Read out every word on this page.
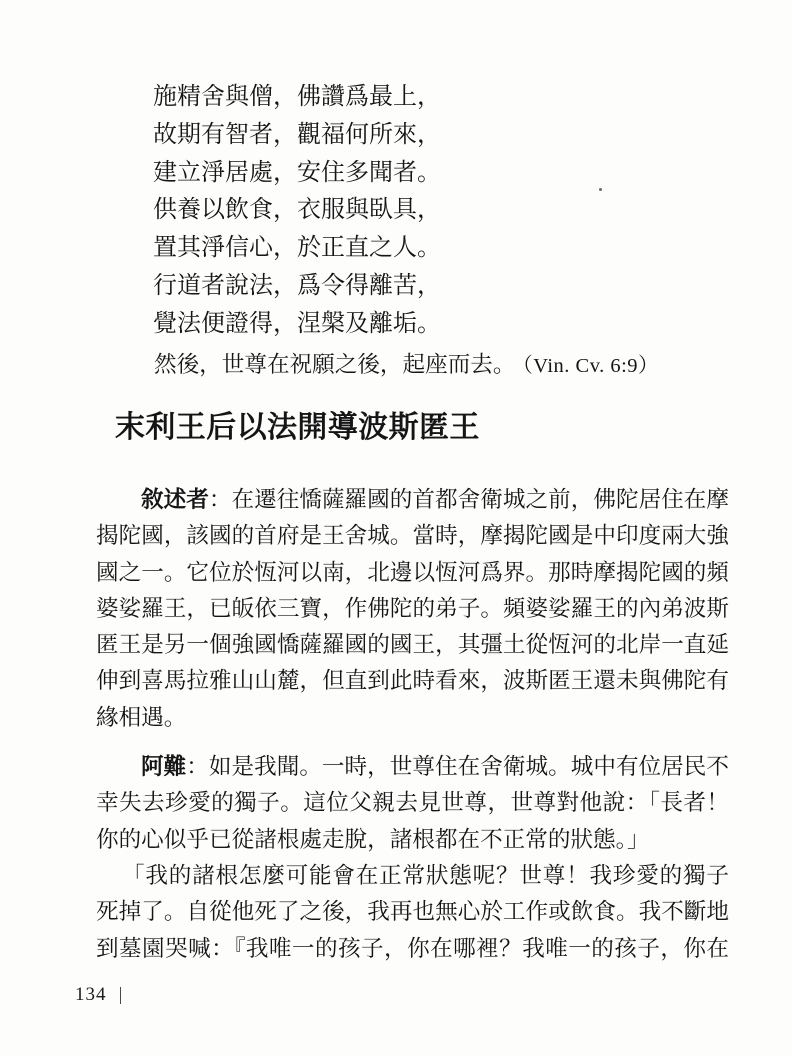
施精舍與僧，佛讚爲最上，
故期有智者，觀福何所來，
建立淨居處，安住多聞者。
供養以飲食，衣服與臥具，
置其淨信心，於正直之人。
行道者說法，爲令得離苦，
覺法便證得，涅槃及離垢。
然後，世尊在祝願之後，起座而去。 （Vin. Cv. 6:9）
末利王后以法開導波斯匿王
敘述者：在遷往憍薩羅國的首都舍衛城之前，佛陀居住在摩
揭陀國，該國的首府是王舍城。當時，摩揭陀國是中印度兩大強
國之一。它位於恆河以南，北邊以恆河爲界。那時摩揭陀國的頻
婆娑羅王，已皈依三寶，作佛陀的弟子。頻婆娑羅王的內弟波斯
匿王是另一個強國憍薩羅國的國王，其彊土從恆河的北岸一直延
伸到喜馬拉雅山山麓，但直到此時看來，波斯匿王還未與佛陀有
緣相遇。
阿難：如是我聞。一時，世尊住在舍衛城。城中有位居民不
幸失去珍愛的獨子。這位父親去見世尊，世尊對他說：「長者！
你的心似乎已從諸根處走脫，諸根都在不正常的狀態。」
「我的諸根怎麼可能會在正常狀態呢？世尊！我珍愛的獨子
死掉了。自從他死了之後，我再也無心於工作或飲食。我不斷地
到墓園哭喊：『我唯一的孩子，你在哪裡？我唯一的孩子，你在
134
